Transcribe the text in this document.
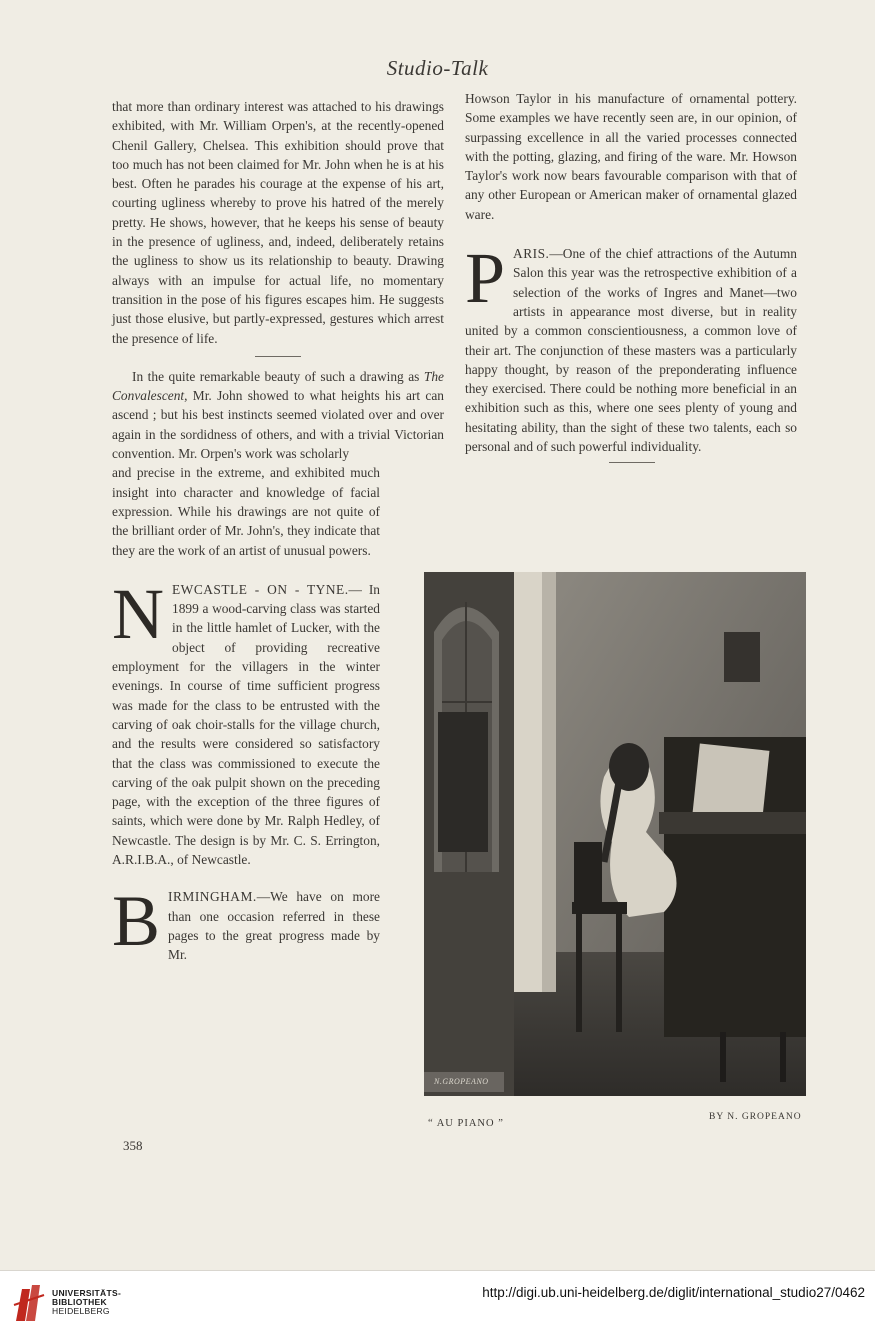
Studio-Talk

that more than ordinary interest was attached to his drawings exhibited, with Mr. William Orpen's, at the recently-opened Chenil Gallery, Chelsea. This exhibition should prove that too much has not been claimed for Mr. John when he is at his best. Often he parades his courage at the expense of his art, courting ugliness whereby to prove his hatred of the merely pretty. He shows, however, that he keeps his sense of beauty in the presence of ugliness, and, indeed, deliberately retains the ugliness to show us its relationship to beauty. Drawing always with an impulse for actual life, no momentary transition in the pose of his figures escapes him. He suggests just those elusive, but partly-expressed, gestures which arrest the presence of life.

In the quite remarkable beauty of such a drawing as The Convalescent, Mr. John showed to what heights his art can ascend ; but his best instincts seemed violated over and over again in the sordidness of others, and with a trivial Victorian convention. Mr. Orpen's work was scholarly

and precise in the extreme, and exhibited much insight into character and knowledge of facial expression. While his drawings are not quite of the brilliant order of Mr. John's, they indicate that they are the work of an artist of unusual powers.

N EWCASTLE - ON - TYNE.— In 1899 a wood-carving class was started in the little hamlet of Lucker, with the object of providing recreative employment for the villagers in the winter evenings. In course of time sufficient progress was made for the class to be entrusted with the carving of oak choir-stalls for the village church, and the results were considered so satisfactory that the class was commissioned to execute the carving of the oak pulpit shown on the preceding page, with the exception of the three figures of saints, which were done by Mr. Ralph Hedley, of Newcastle. The design is by Mr. C. S. Errington, A.R.I.B.A., of Newcastle.

B IRMINGHAM.—We have on more than one occasion referred in these pages to the great progress made by Mr.

Howson Taylor in his manufacture of ornamental pottery. Some examples we have recently seen are, in our opinion, of surpassing excellence in all the varied processes connected with the potting, glazing, and firing of the ware. Mr. Howson Taylor's work now bears favourable comparison with that of any other European or American maker of ornamental glazed ware.

P ARIS.—One of the chief attractions of the Autumn Salon this year was the retrospective exhibition of a selection of the works of Ingres and Manet—two artists in appearance most diverse, but in reality united by a common conscientiousness, a common love of their art. The conjunction of these masters was a particularly happy thought, by reason of the preponderating influence they exercised. There could be nothing more beneficial in an exhibition such as this, where one sees plenty of young and hesitating ability, than the sight of these two talents, each so personal and of such powerful individuality.

N.GROPEANO
“ AU PIANO ”
BY N. GROPEANO
358
UNIVERSITÄTS-
BIBLIOTHEK
HEIDELBERG
http://digi.ub.uni-heidelberg.de/diglit/international_studio27/0462
